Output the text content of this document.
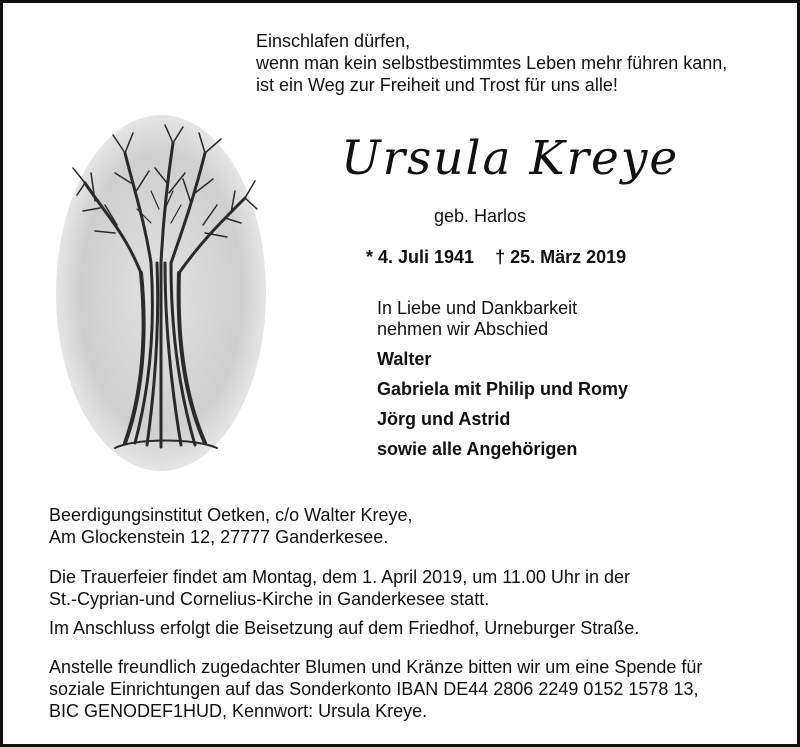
Einschlafen dürfen,
wenn man kein selbstbestimmtes Leben mehr führen kann,
ist ein Weg zur Freiheit und Trost für uns alle!
Ursula Kreye
geb. Harlos
* 4. Juli 1941 † 25. März 2019
In Liebe und Dankbarkeit
nehmen wir Abschied
Walter
Gabriela mit Philip und Romy
Jörg und Astrid
sowie alle Angehörigen
Beerdigungsinstitut Oetken, c/o Walter Kreye,
Am Glockenstein 12, 27777 Ganderkesee.
Die Trauerfeier findet am Montag, dem 1. April 2019, um 11.00 Uhr in der
St.-Cyprian-und Cornelius-Kirche in Ganderkesee statt.
Im Anschluss erfolgt die Beisetzung auf dem Friedhof, Urneburger Straße.
Anstelle freundlich zugedachter Blumen und Kränze bitten wir um eine Spende für
soziale Einrichtungen auf das Sonderkonto IBAN DE44 2806 2249 0152 1578 13,
BIC GENODEF1HUD, Kennwort: Ursula Kreye.
